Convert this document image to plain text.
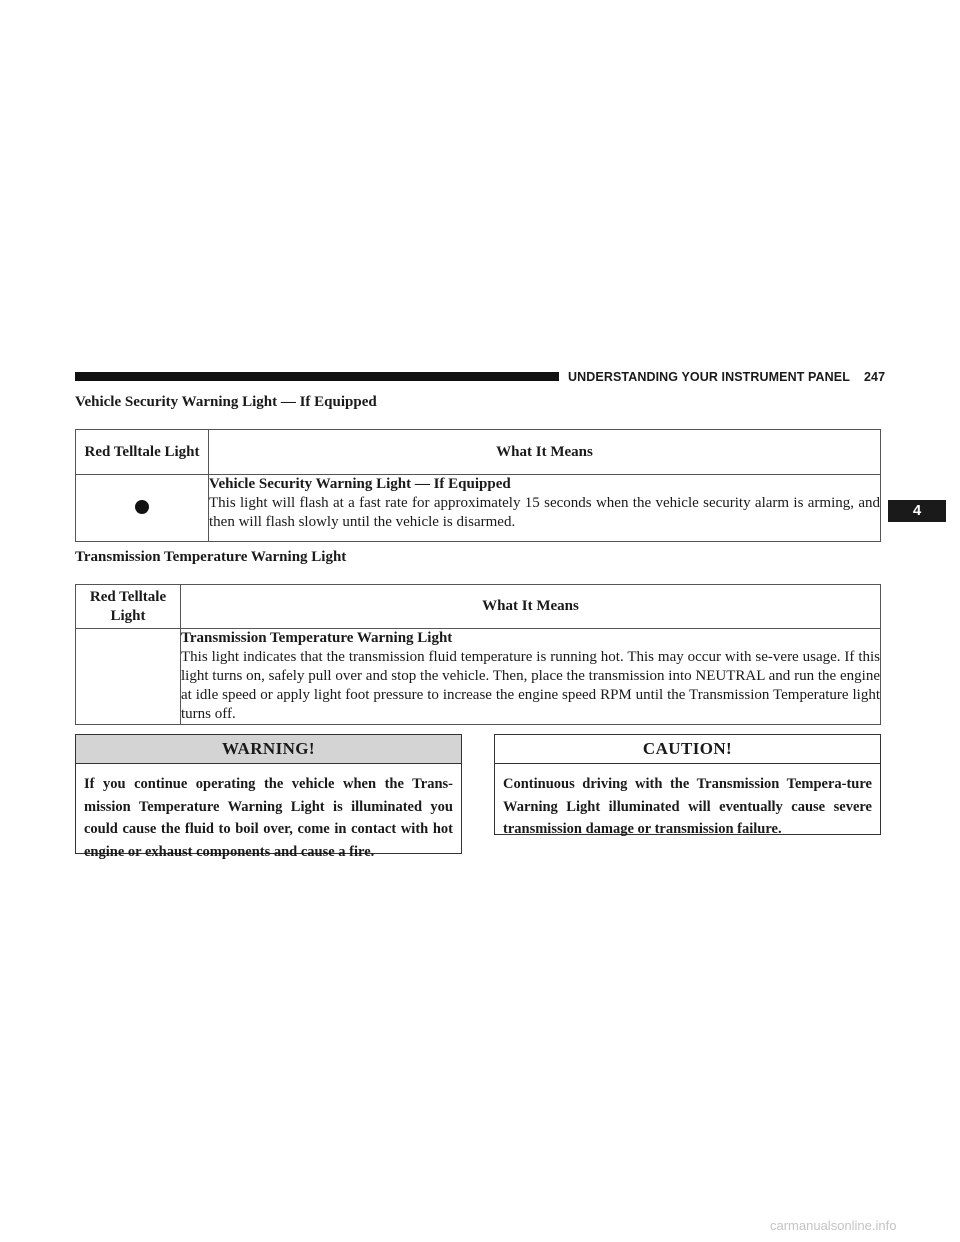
UNDERSTANDING YOUR INSTRUMENT PANEL 247
4
Vehicle Security Warning Light — If Equipped
Red Telltale Light	What It Means

	Vehicle Security Warning Light — If Equipped
This light will flash at a fast rate for approximately 15 seconds when the vehicle security alarm is arming, and then will flash slowly until the vehicle is disarmed.
Transmission Temperature Warning Light
Red Telltale Light	What It Means

	Transmission Temperature Warning Light
This light indicates that the transmission fluid temperature is running hot. This may occur with se-vere usage. If this light turns on, safely pull over and stop the vehicle. Then, place the transmission into NEUTRAL and run the engine at idle speed or apply light foot pressure to increase the engine speed RPM until the Transmission Temperature light turns off.
WARNING!
If you continue operating the vehicle when the Trans-mission Temperature Warning Light is illuminated you could cause the fluid to boil over, come in contact with hot engine or exhaust components and cause a fire.
CAUTION!
Continuous driving with the Transmission Tempera-ture Warning Light illuminated will eventually cause severe transmission damage or transmission failure.
carmanualsonline.info
